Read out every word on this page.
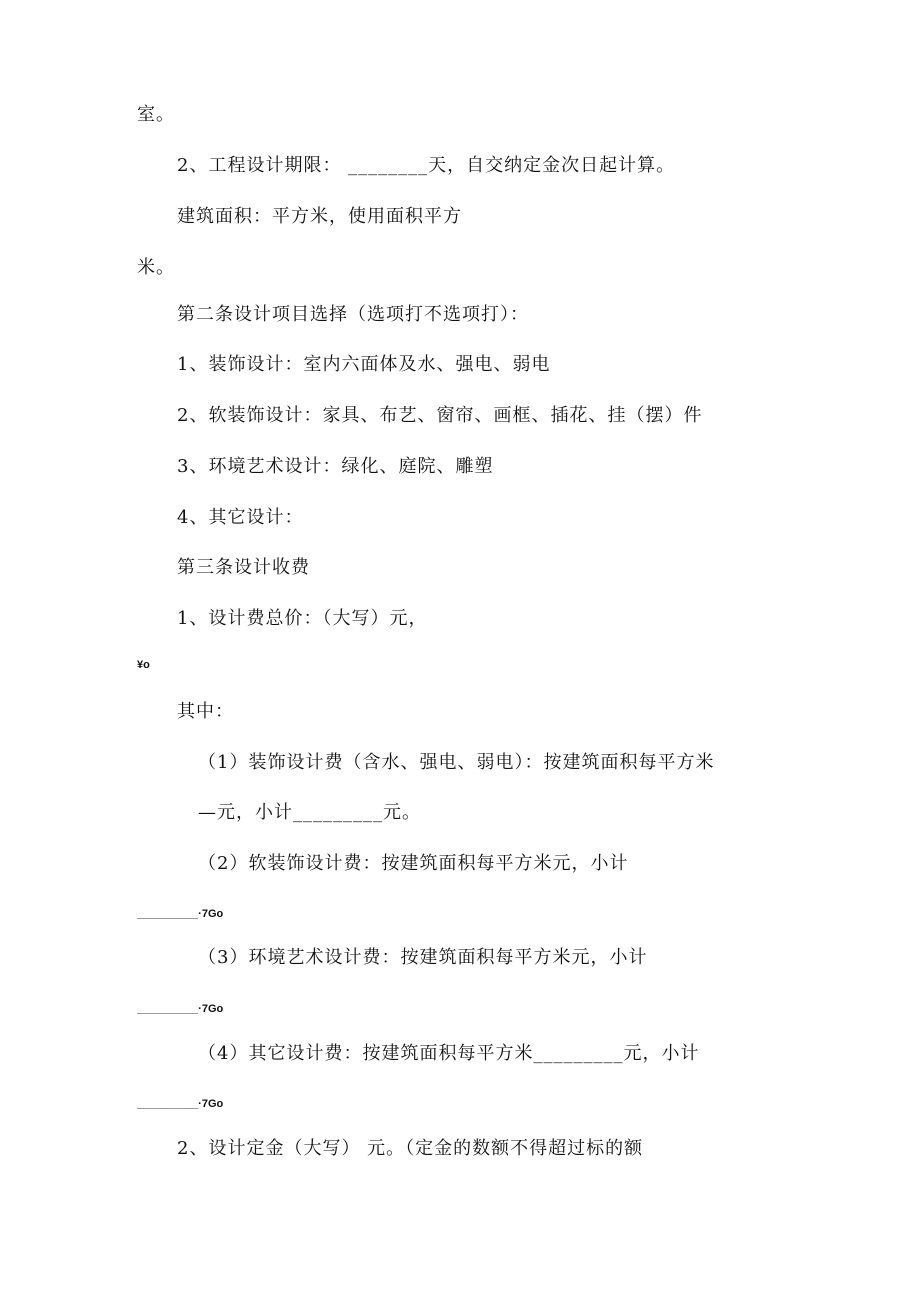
室。
2、工程设计期限： ________天，自交纳定金次日起计算。
建筑面积：平方米，使用面积平方
米。
第二条设计项目选择（选项打不选项打）：
1、装饰设计：室内六面体及水、强电、弱电
2、软装饰设计：家具、布艺、窗帘、画框、插花、挂（摆）件
3、环境艺术设计：绿化、庭院、雕塑
4、其它设计：
第三条设计收费
1、设计费总价：（大写）元，
¥o
其中：
（1）装饰设计费（含水、强电、弱电）：按建筑面积每平方米
—元，小计_________元。
（2）软装饰设计费：按建筑面积每平方米元，小计
__________·7Go
（3）环境艺术设计费：按建筑面积每平方米元，小计
__________·7Go
（4）其它设计费：按建筑面积每平方米_________元，小计
__________·7Go
2、设计定金（大写） 元。（定金的数额不得超过标的额
